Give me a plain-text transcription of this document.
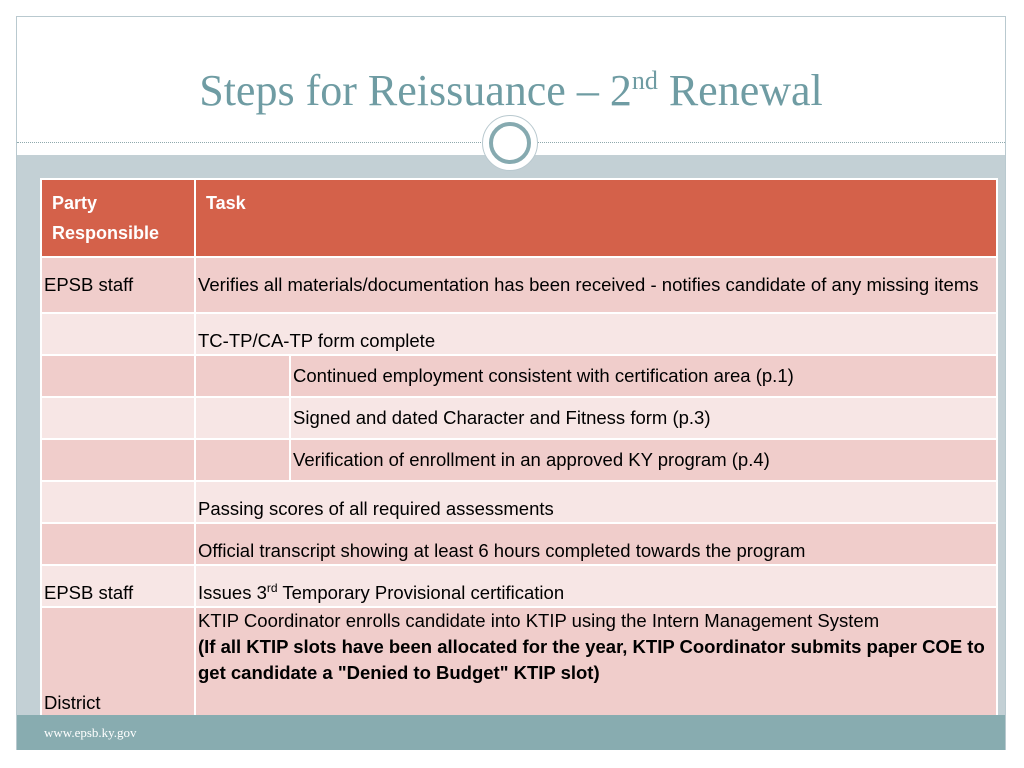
Steps for Reissuance – 2nd Renewal
Party Responsible	Task	
EPSB staff	Verifies all materials/documentation has been received - notifies candidate of any missing items	
	TC-TP/CA-TP form complete	
		Continued employment consistent with certification area (p.1)
		Signed and dated Character and Fitness form (p.3)
		Verification of enrollment in an approved KY program (p.4)
	Passing scores of all required assessments	
	Official transcript showing at least 6 hours completed towards the program	
EPSB staff	Issues 3rd Temporary Provisional certification	
District	KTIP Coordinator enrolls candidate into KTIP using the Intern Management System
(If all KTIP slots have been allocated for the year, KTIP Coordinator submits paper COE to get candidate a "Denied to Budget" KTIP slot)	
www.epsb.ky.gov
